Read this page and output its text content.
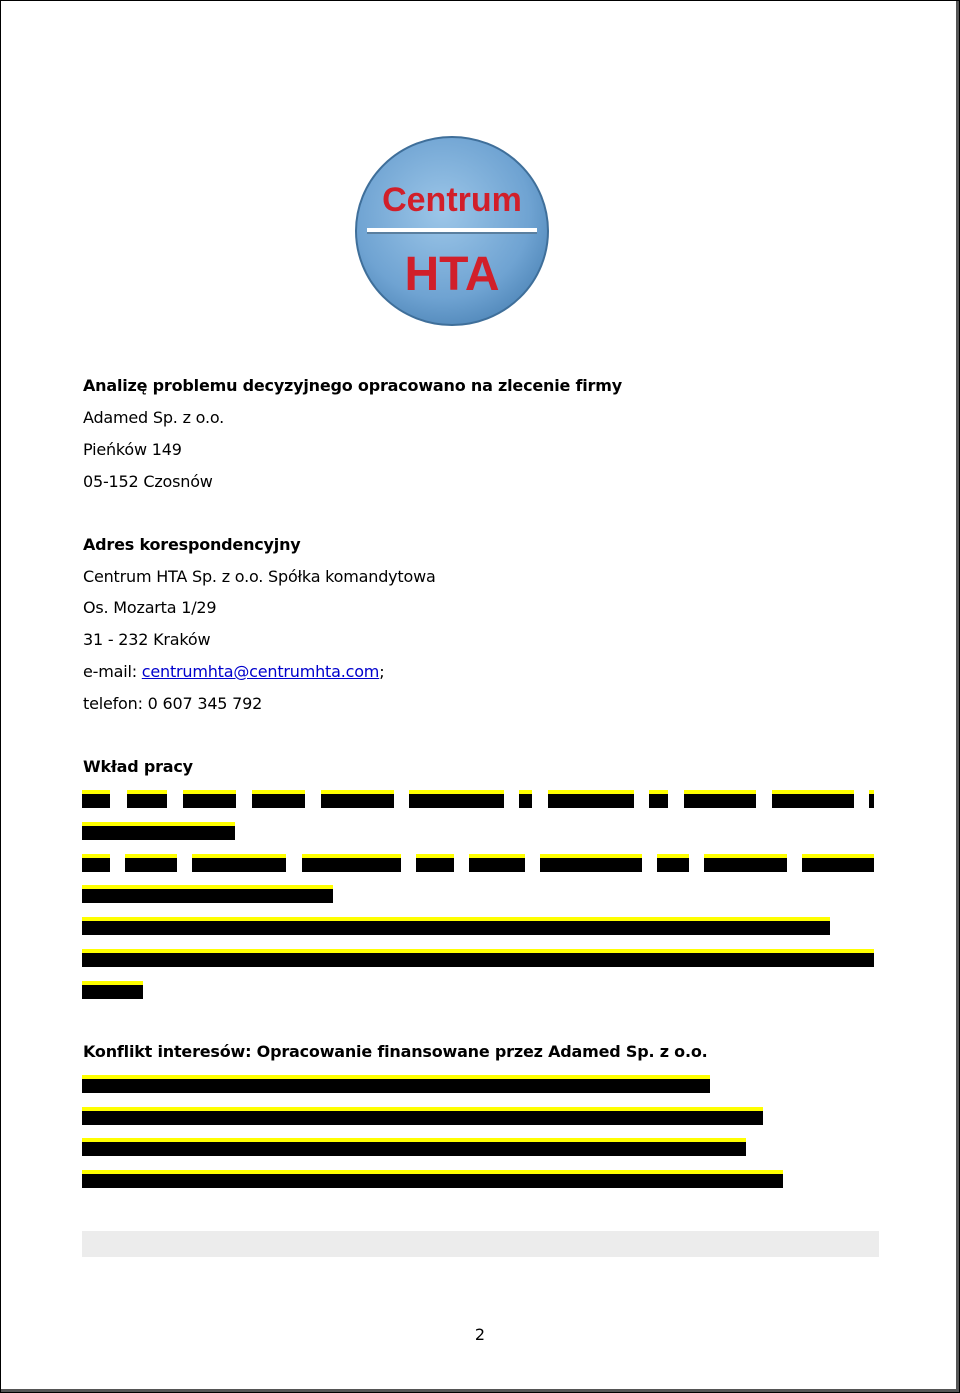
Centrum
HTA
Analizę problemu decyzyjnego opracowano na zlecenie firmy
Adamed Sp. z o.o.
Pieńków 149
05-152 Czosnów
Adres korespondencyjny
Centrum HTA Sp. z o.o. Spółka komandytowa
Os. Mozarta 1/29
31 - 232 Kraków
e-mail: centrumhta@centrumhta.com;
telefon: 0 607 345 792
Wkład pracy
Konflikt interesów: Opracowanie finansowane przez Adamed Sp. z o.o.
2
